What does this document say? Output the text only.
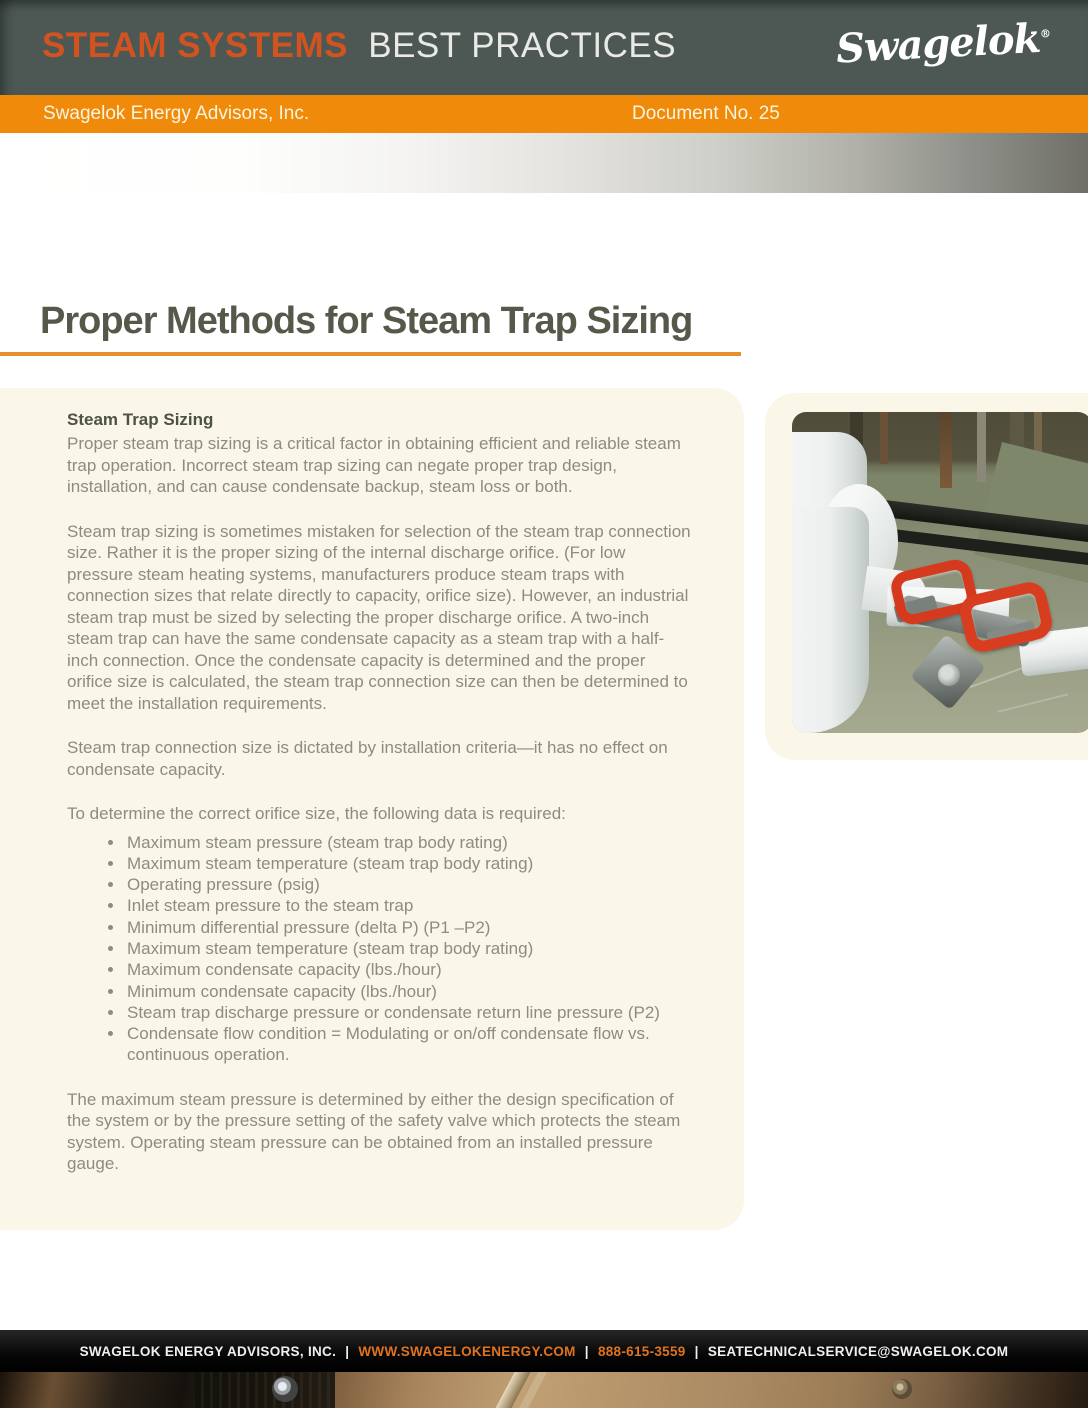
STEAM SYSTEMS BEST PRACTICES	Swagelok®
Swagelok Energy Advisors, Inc.	Document No. 25
Proper Methods for Steam Trap Sizing
Steam Trap Sizing

Proper steam trap sizing is a critical factor in obtaining efficient and reliable steam trap operation. Incorrect steam trap sizing can negate proper trap design, installation, and can cause condensate backup, steam loss or both.

Steam trap sizing is sometimes mistaken for selection of the steam trap connection size. Rather it is the proper sizing of the internal discharge orifice. (For low pressure steam heating systems, manufacturers produce steam traps with connection sizes that relate directly to capacity, orifice size). However, an industrial steam trap must be sized by selecting the proper discharge orifice. A two-inch steam trap can have the same condensate capacity as a steam trap with a half-inch connection. Once the condensate capacity is determined and the proper orifice size is calculated, the steam trap connection size can then be determined to meet the installation requirements.

Steam trap connection size is dictated by installation criteria—it has no effect on condensate capacity.

To determine the correct orifice size, the following data is required:

• Maximum steam pressure (steam trap body rating)
• Maximum steam temperature (steam trap body rating)
• Operating pressure (psig)
• Inlet steam pressure to the steam trap
• Minimum differential pressure (delta P) (P1 –P2)
• Maximum steam temperature (steam trap body rating)
• Maximum condensate capacity (lbs./hour)
• Minimum condensate capacity (lbs./hour)
• Steam trap discharge pressure or condensate return line pressure (P2)
• Condensate flow condition = Modulating or on/off condensate flow vs. continuous operation.

The maximum steam pressure is determined by either the design specification of the system or by the pressure setting of the safety valve which protects the steam system. Operating steam pressure can be obtained from an installed pressure gauge.

SWAGELOK ENERGY ADVISORS, INC. | WWW.SWAGELOKENERGY.COM | 888-615-3559 | SEATECHNICALSERVICE@SWAGELOK.COM
